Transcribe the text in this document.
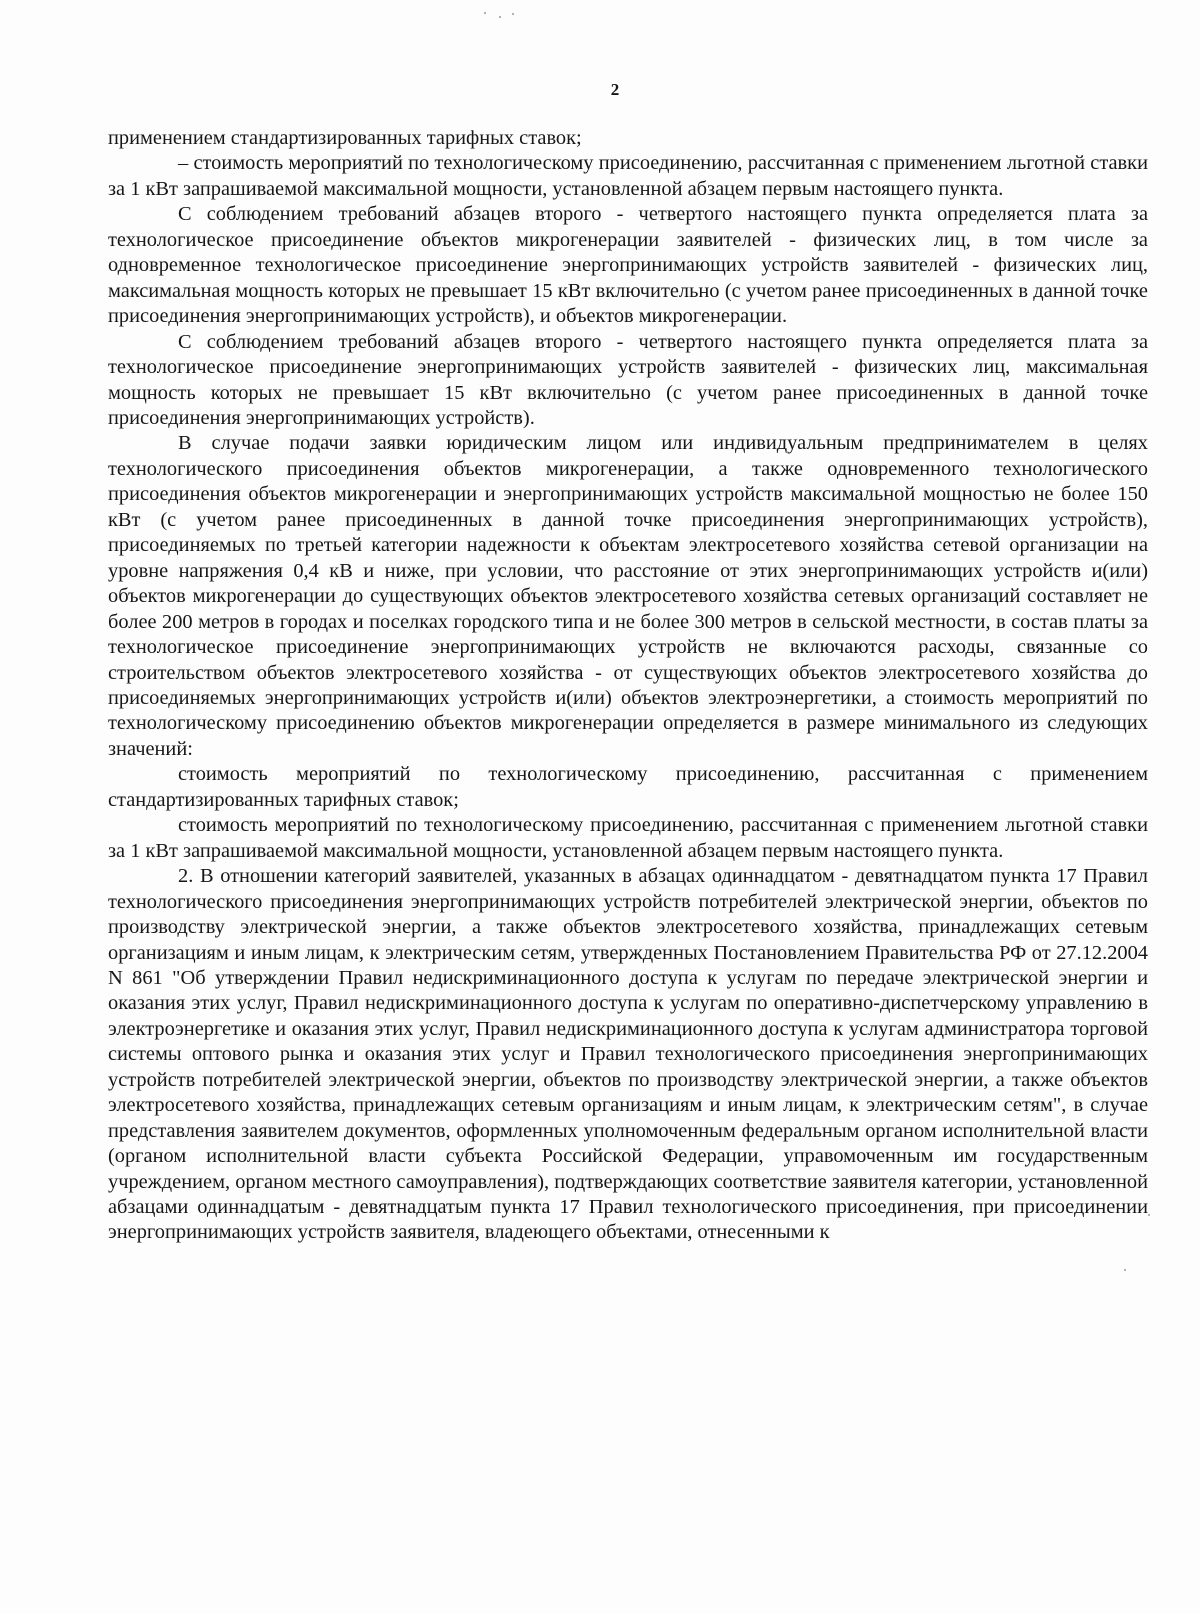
2

применением стандартизированных тарифных ставок;

– стоимость мероприятий по технологическому присоединению, рассчитанная с применением льготной ставки за 1 кВт запрашиваемой максимальной мощности, установленной абзацем первым настоящего пункта.

С соблюдением требований абзацев второго - четвертого настоящего пункта определяется плата за технологическое присоединение объектов микрогенерации заявителей - физических лиц, в том числе за одновременное технологическое присоединение энергопринимающих устройств заявителей - физических лиц, максимальная мощность которых не превышает 15 кВт включительно (с учетом ранее присоединенных в данной точке присоединения энергопринимающих устройств), и объектов микрогенерации.

С соблюдением требований абзацев второго - четвертого настоящего пункта определяется плата за технологическое присоединение энергопринимающих устройств заявителей - физических лиц, максимальная мощность которых не превышает 15 кВт включительно (с учетом ранее присоединенных в данной точке присоединения энергопринимающих устройств).

В случае подачи заявки юридическим лицом или индивидуальным предпринимателем в целях технологического присоединения объектов микрогенерации, а также одновременного технологического присоединения объектов микрогенерации и энергопринимающих устройств максимальной мощностью не более 150 кВт (с учетом ранее присоединенных в данной точке присоединения энергопринимающих устройств), присоединяемых по третьей категории надежности к объектам электросетевого хозяйства сетевой организации на уровне напряжения 0,4 кВ и ниже, при условии, что расстояние от этих энергопринимающих устройств и(или) объектов микрогенерации до существующих объектов электросетевого хозяйства сетевых организаций составляет не более 200 метров в городах и поселках городского типа и не более 300 метров в сельской местности, в состав платы за технологическое присоединение энергопринимающих устройств не включаются расходы, связанные со строительством объектов электросетевого хозяйства - от существующих объектов электросетевого хозяйства до присоединяемых энергопринимающих устройств и(или) объектов электроэнергетики, а стоимость мероприятий по технологическому присоединению объектов микрогенерации определяется в размере минимального из следующих значений:

стоимость мероприятий по технологическому присоединению, рассчитанная с применением стандартизированных тарифных ставок;

стоимость мероприятий по технологическому присоединению, рассчитанная с применением льготной ставки за 1 кВт запрашиваемой максимальной мощности, установленной абзацем первым настоящего пункта.

2. В отношении категорий заявителей, указанных в абзацах одиннадцатом - девятнадцатом пункта 17 Правил технологического присоединения энергопринимающих устройств потребителей электрической энергии, объектов по производству электрической энергии, а также объектов электросетевого хозяйства, принадлежащих сетевым организациям и иным лицам, к электрическим сетям, утвержденных Постановлением Правительства РФ от 27.12.2004 N 861 "Об утверждении Правил недискриминационного доступа к услугам по передаче электрической энергии и оказания этих услуг, Правил недискриминационного доступа к услугам по оперативно-диспетчерскому управлению в электроэнергетике и оказания этих услуг, Правил недискриминационного доступа к услугам администратора торговой системы оптового рынка и оказания этих услуг и Правил технологического присоединения энергопринимающих устройств потребителей электрической энергии, объектов по производству электрической энергии, а также объектов электросетевого хозяйства, принадлежащих сетевым организациям и иным лицам, к электрическим сетям", в случае представления заявителем документов, оформленных уполномоченным федеральным органом исполнительной власти (органом исполнительной власти субъекта Российской Федерации, управомоченным им государственным учреждением, органом местного самоуправления), подтверждающих соответствие заявителя категории, установленной абзацами одиннадцатым - девятнадцатым пункта 17 Правил технологического присоединения, при присоединении энергопринимающих устройств заявителя, владеющего объектами, отнесенными к
